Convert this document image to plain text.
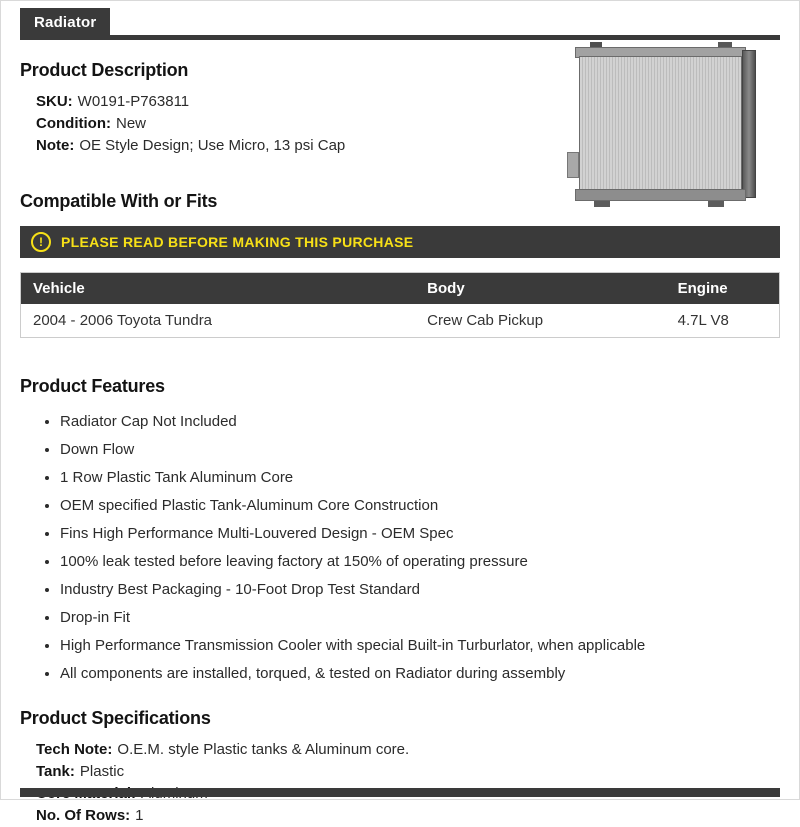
Radiator
Product Description
SKU: W0191-P763811
Condition: New
Note: OE Style Design; Use Micro, 13 psi Cap
Compatible With or Fits
!	PLEASE READ BEFORE MAKING THIS PURCHASE
Vehicle	Body	Engine
2004 - 2006 Toyota Tundra	Crew Cab Pickup	4.7L V8
Product Features
• Radiator Cap Not Included
• Down Flow
• 1 Row Plastic Tank Aluminum Core
• OEM specified Plastic Tank-Aluminum Core Construction
• Fins High Performance Multi-Louvered Design - OEM Spec
• 100% leak tested before leaving factory at 150% of operating pressure
• Industry Best Packaging - 10-Foot Drop Test Standard
• Drop-in Fit
• High Performance Transmission Cooler with special Built-in Turburlator, when applicable
• All components are installed, torqued, & tested on Radiator during assembly
Product Specifications
Tech Note: O.E.M. style Plastic tanks & Aluminum core.
Tank: Plastic
No. Of Rows: 1
